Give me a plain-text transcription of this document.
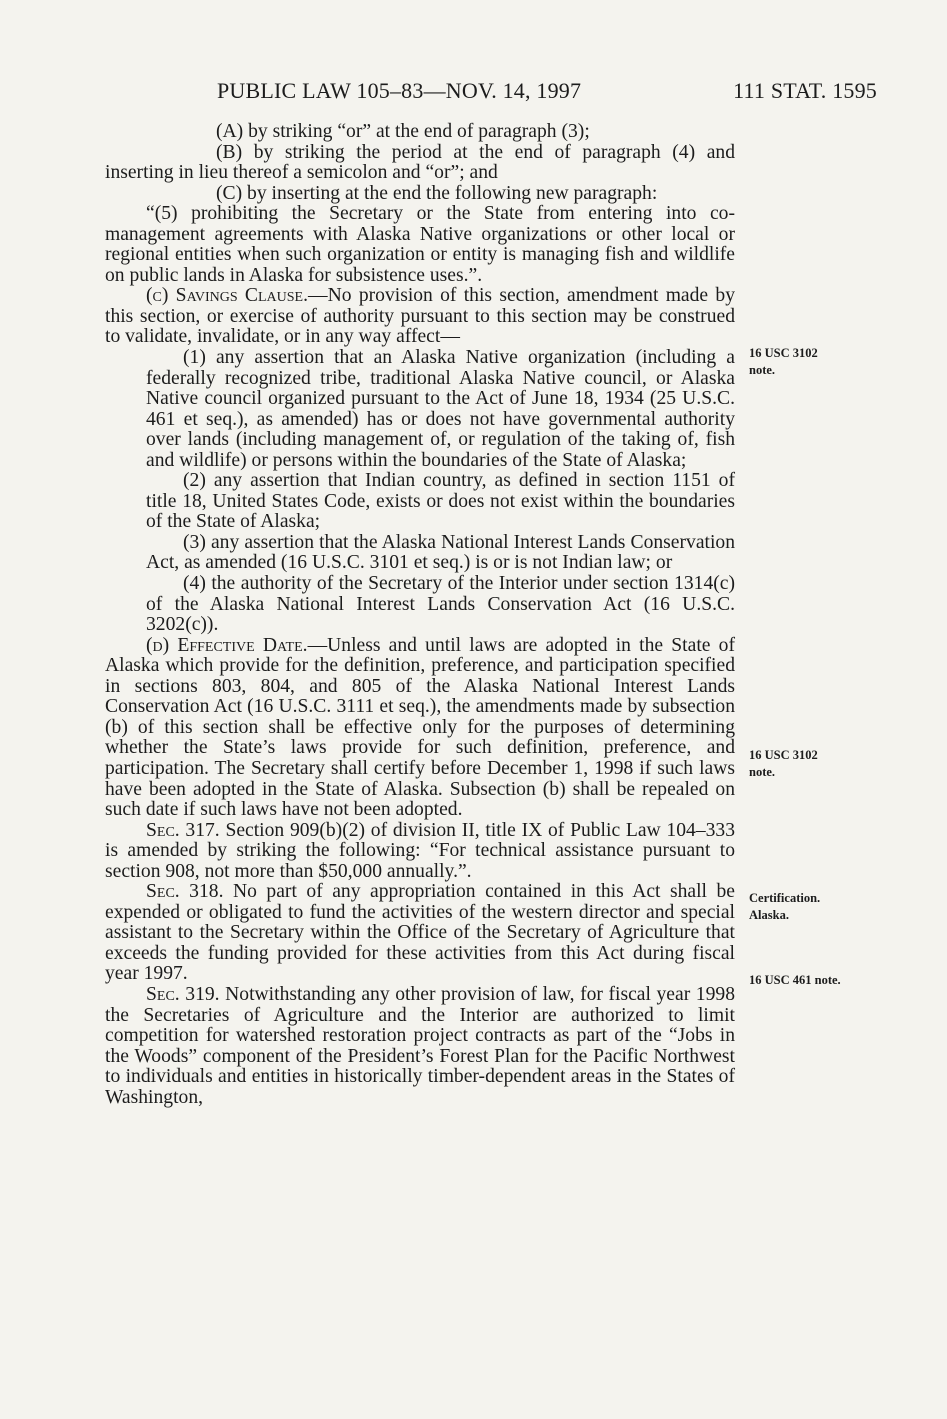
PUBLIC LAW 105–83—NOV. 14, 1997	111 STAT. 1595

(A) by striking “or” at the end of paragraph (3);

(B) by striking the period at the end of paragraph (4) and inserting in lieu thereof a semicolon and “or”; and

(C) by inserting at the end the following new paragraph:

“(5) prohibiting the Secretary or the State from entering into co-management agreements with Alaska Native organizations or other local or regional entities when such organization or entity is managing fish and wildlife on public lands in Alaska for subsistence uses.”.

(c) Savings Clause.—No provision of this section, amendment made by this section, or exercise of authority pursuant to this section may be construed to validate, invalidate, or in any way affect—

(1) any assertion that an Alaska Native organization (including a federally recognized tribe, traditional Alaska Native council, or Alaska Native council organized pursuant to the Act of June 18, 1934 (25 U.S.C. 461 et seq.), as amended) has or does not have governmental authority over lands (including management of, or regulation of the taking of, fish and wildlife) or persons within the boundaries of the State of Alaska;

(2) any assertion that Indian country, as defined in section 1151 of title 18, United States Code, exists or does not exist within the boundaries of the State of Alaska;

(3) any assertion that the Alaska National Interest Lands Conservation Act, as amended (16 U.S.C. 3101 et seq.) is or is not Indian law; or

(4) the authority of the Secretary of the Interior under section 1314(c) of the Alaska National Interest Lands Conservation Act (16 U.S.C. 3202(c)).

(d) Effective Date.—Unless and until laws are adopted in the State of Alaska which provide for the definition, preference, and participation specified in sections 803, 804, and 805 of the Alaska National Interest Lands Conservation Act (16 U.S.C. 3111 et seq.), the amendments made by subsection (b) of this section shall be effective only for the purposes of determining whether the State’s laws provide for such definition, preference, and participation. The Secretary shall certify before December 1, 1998 if such laws have been adopted in the State of Alaska. Subsection (b) shall be repealed on such date if such laws have not been adopted.

Sec. 317. Section 909(b)(2) of division II, title IX of Public Law 104–333 is amended by striking the following: “For technical assistance pursuant to section 908, not more than $50,000 annually.”.

Sec. 318. No part of any appropriation contained in this Act shall be expended or obligated to fund the activities of the western director and special assistant to the Secretary within the Office of the Secretary of Agriculture that exceeds the funding provided for these activities from this Act during fiscal year 1997.

Sec. 319. Notwithstanding any other provision of law, for fiscal year 1998 the Secretaries of Agriculture and the Interior are authorized to limit competition for watershed restoration project contracts as part of the “Jobs in the Woods” component of the President’s Forest Plan for the Pacific Northwest to individuals and entities in historically timber-dependent areas in the States of Washington,

16 USC 3102
note.
16 USC 3102
note.
Certification.
Alaska.
16 USC 461 note.
